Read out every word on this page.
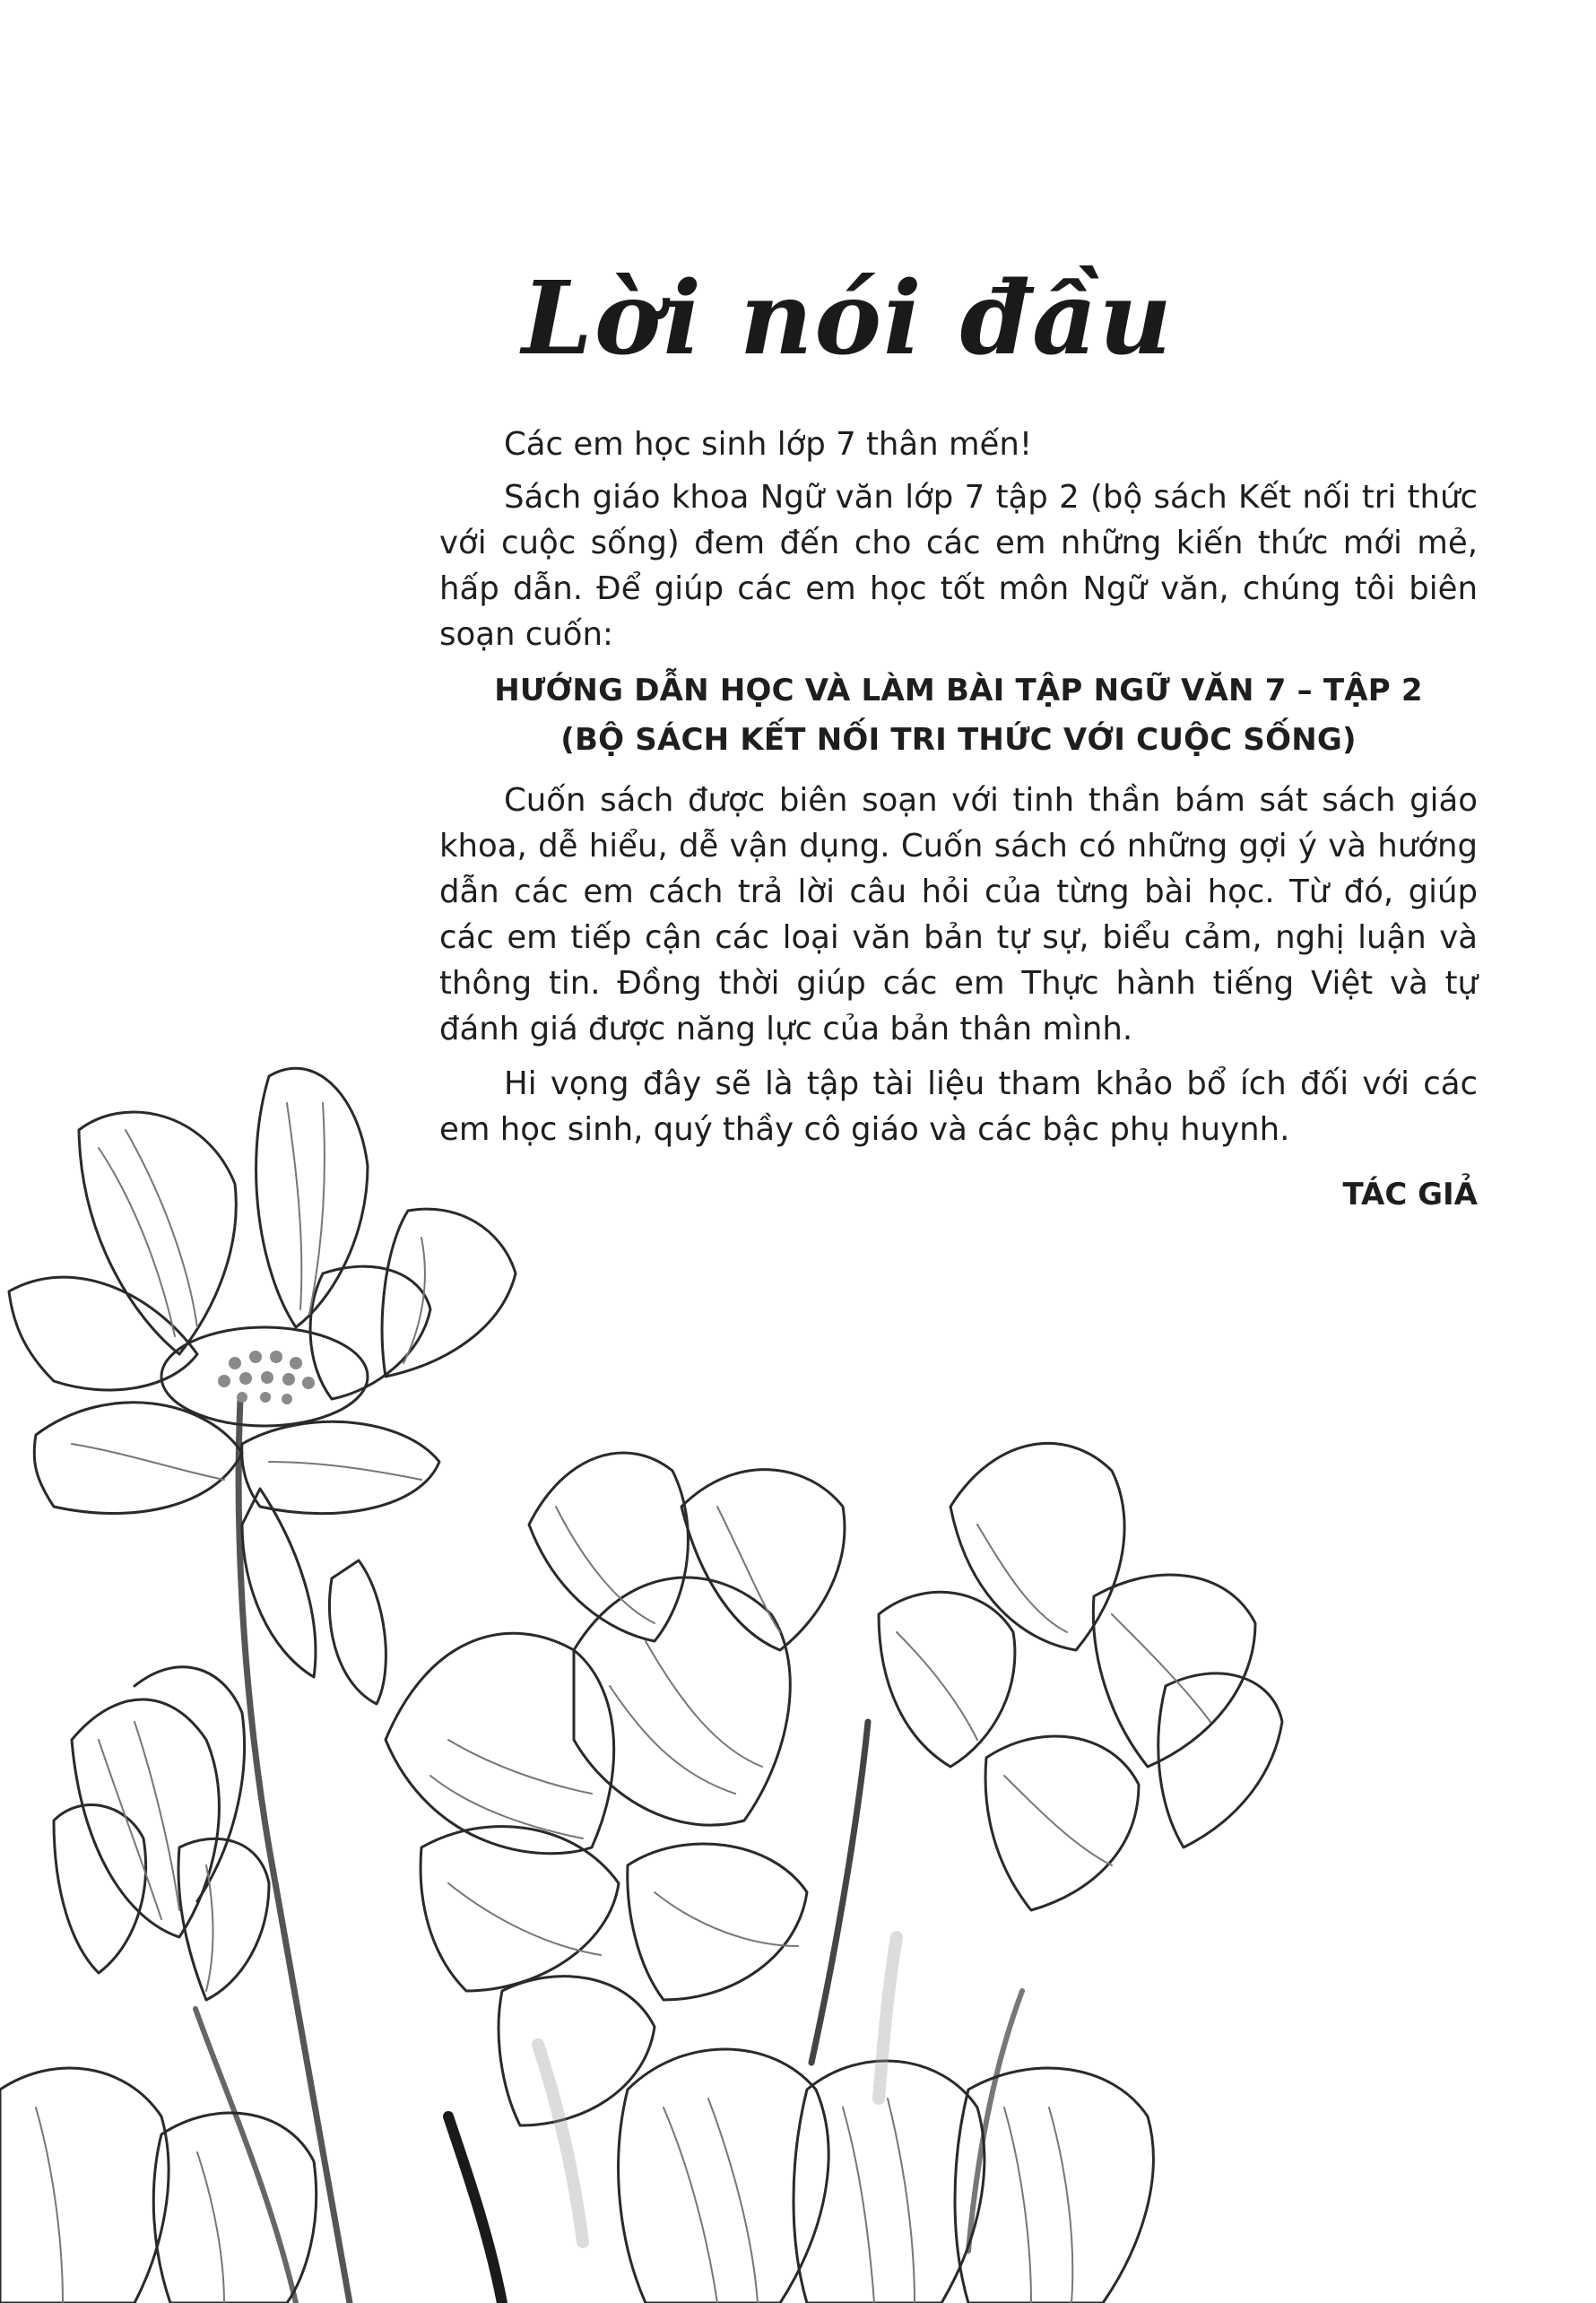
Lời nói đầu

Các em học sinh lớp 7 thân mến!

Sách giáo khoa Ngữ văn lớp 7 tập 2 (bộ sách Kết nối tri thức với cuộc sống) đem đến cho các em những kiến thức mới mẻ, hấp dẫn. Để giúp các em học tốt môn Ngữ văn, chúng tôi biên soạn cuốn:

HƯỚNG DẪN HỌC VÀ LÀM BÀI TẬP NGỮ VĂN 7 – TẬP 2

(BỘ SÁCH KẾT NỐI TRI THỨC VỚI CUỘC SỐNG)

Cuốn sách được biên soạn với tinh thần bám sát sách giáo khoa, dễ hiểu, dễ vận dụng. Cuốn sách có những gợi ý và hướng dẫn các em cách trả lời câu hỏi của từng bài học. Từ đó, giúp các em tiếp cận các loại văn bản tự sự, biểu cảm, nghị luận và thông tin. Đồng thời giúp các em Thực hành tiếng Việt và tự đánh giá được năng lực của bản thân mình.

Hi vọng đây sẽ là tập tài liệu tham khảo bổ ích đối với các em học sinh, quý thầy cô giáo và các bậc phụ huynh.

TÁC GIẢ
